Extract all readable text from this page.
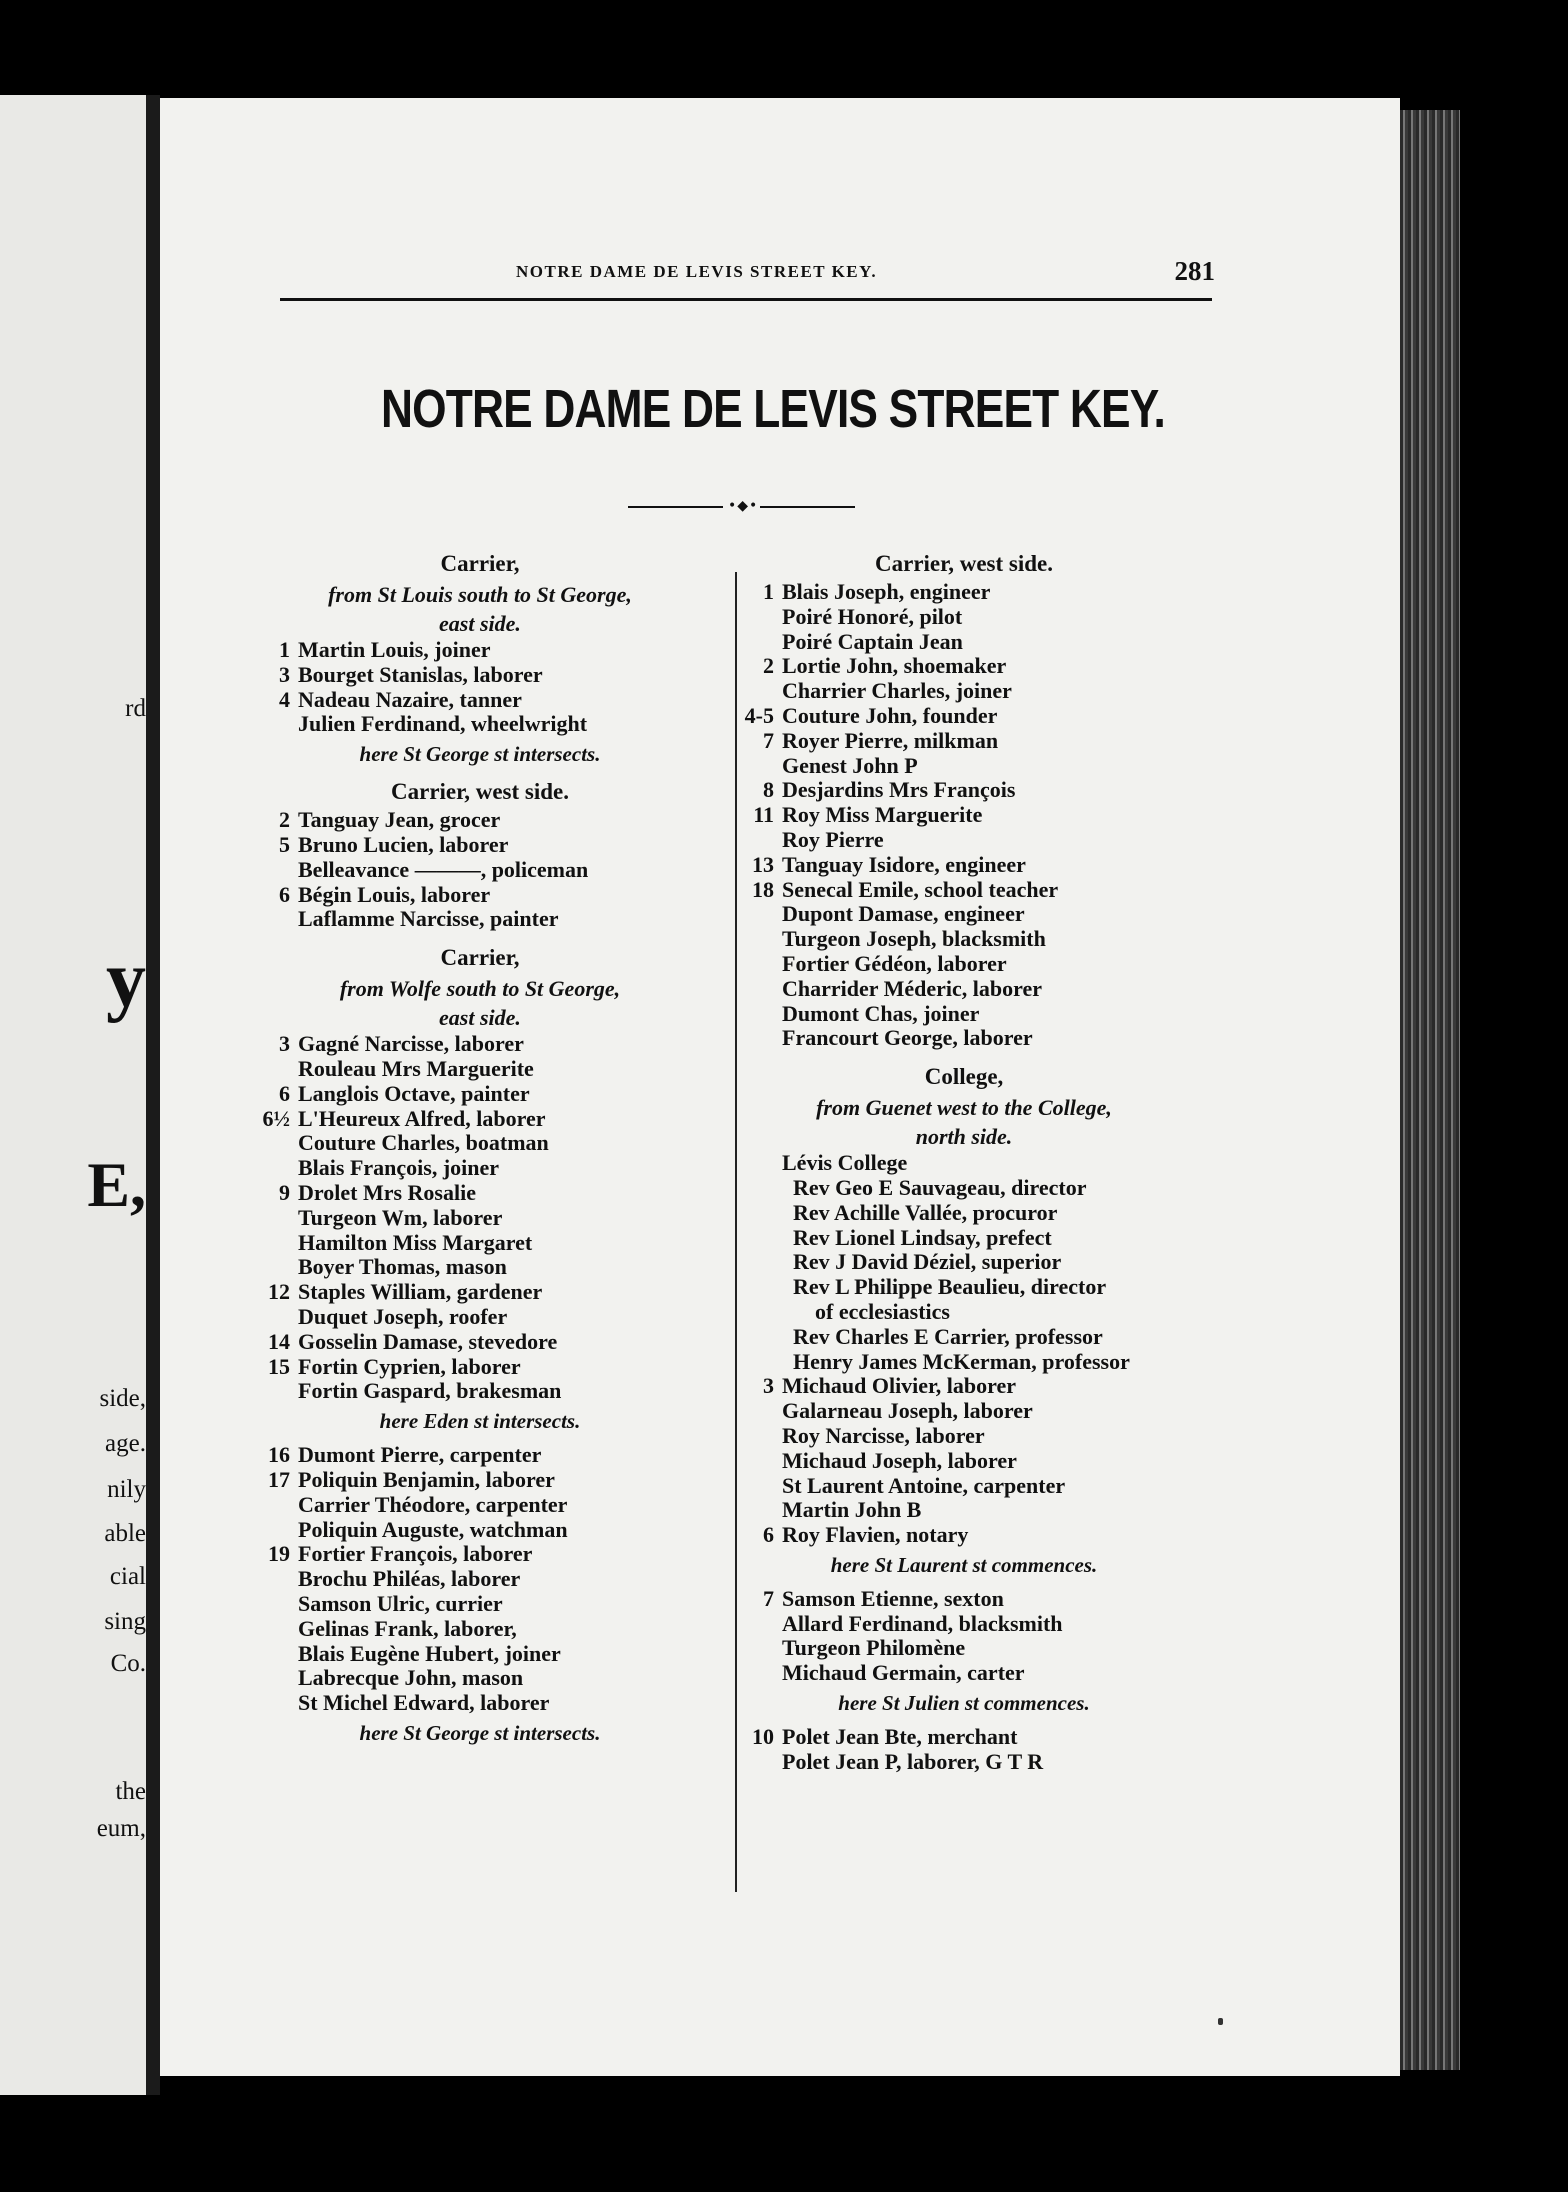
rd
y
E,
side,
age.
nily
able
cial
sing
Co.
the
eum,
NOTRE DAME DE LEVIS STREET KEY.	281
NOTRE DAME DE LEVIS STREET KEY.
•◆•
Carrier,
from St Louis south to St George,
east side.
1 Martin Louis, joiner
3 Bourget Stanislas, laborer
4 Nadeau Nazaire, tanner
Julien Ferdinand, wheelwright
here St George st intersects.
Carrier, west side.
2 Tanguay Jean, grocer
5 Bruno Lucien, laborer
Belleavance ———, policeman
6 Bégin Louis, laborer
Laflamme Narcisse, painter
Carrier,
from Wolfe south to St George,
east side.
3 Gagné Narcisse, laborer
Rouleau Mrs Marguerite
6 Langlois Octave, painter
6½ L'Heureux Alfred, laborer
Couture Charles, boatman
Blais François, joiner
9 Drolet Mrs Rosalie
Turgeon Wm, laborer
Hamilton Miss Margaret
Boyer Thomas, mason
12 Staples William, gardener
Duquet Joseph, roofer
14 Gosselin Damase, stevedore
15 Fortin Cyprien, laborer
Fortin Gaspard, brakesman
here Eden st intersects.
16 Dumont Pierre, carpenter
17 Poliquin Benjamin, laborer
Carrier Théodore, carpenter
Poliquin Auguste, watchman
19 Fortier François, laborer
Brochu Philéas, laborer
Samson Ulric, currier
Gelinas Frank, laborer,
Blais Eugène Hubert, joiner
Labrecque John, mason
St Michel Edward, laborer
here St George st intersects.
Carrier, west side.
1 Blais Joseph, engineer
Poiré Honoré, pilot
Poiré Captain Jean
2 Lortie John, shoemaker
Charrier Charles, joiner
4-5 Couture John, founder
7 Royer Pierre, milkman
Genest John P
8 Desjardins Mrs François
11 Roy Miss Marguerite
Roy Pierre
13 Tanguay Isidore, engineer
18 Senecal Emile, school teacher
Dupont Damase, engineer
Turgeon Joseph, blacksmith
Fortier Gédéon, laborer
Charrider Méderic, laborer
Dumont Chas, joiner
Francourt George, laborer
College,
from Guenet west to the College,
north side.
Lévis College
Rev Geo E Sauvageau, director
Rev Achille Vallée, procuror
Rev Lionel Lindsay, prefect
Rev J David Déziel, superior
Rev L Philippe Beaulieu, director
of ecclesiastics
Rev Charles E Carrier, professor
Henry James McKerman, professor
3 Michaud Olivier, laborer
Galarneau Joseph, laborer
Roy Narcisse, laborer
Michaud Joseph, laborer
St Laurent Antoine, carpenter
Martin John B
6 Roy Flavien, notary
here St Laurent st commences.
7 Samson Etienne, sexton
Allard Ferdinand, blacksmith
Turgeon Philomène
Michaud Germain, carter
here St Julien st commences.
10 Polet Jean Bte, merchant
Polet Jean P, laborer, G T R
